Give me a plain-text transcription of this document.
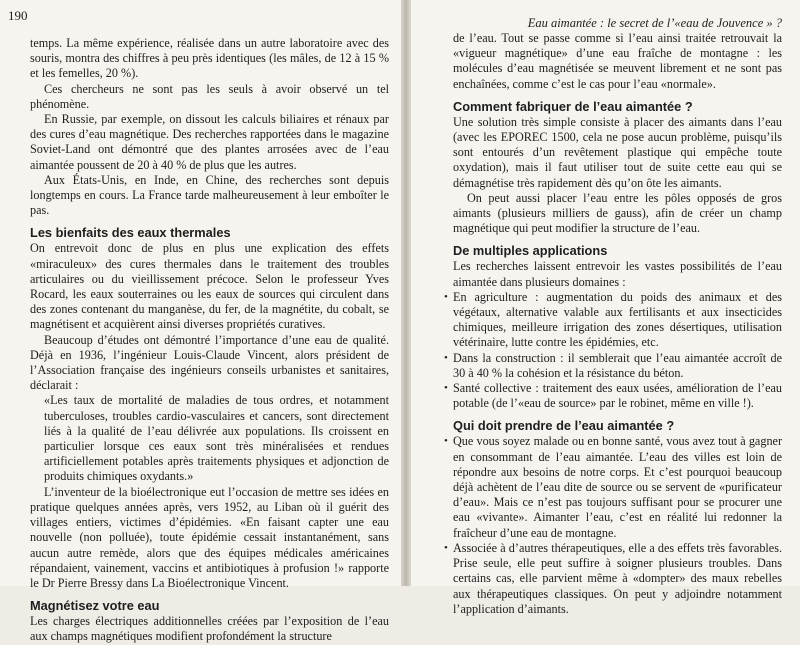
190

temps. La même expérience, réalisée dans un autre laboratoire avec des souris, montra des chiffres à peu près identiques (les mâles, de 12 à 15 % et les femelles, 20 %).

Ces chercheurs ne sont pas les seuls à avoir observé un tel phénomène.

En Russie, par exemple, on dissout les calculs biliaires et rénaux par des cures d’eau magnétique. Des recherches rapportées dans le magazine Soviet-Land ont démontré que des plantes arrosées avec de l’eau aimantée poussent de 20 à 40 % de plus que les autres.

Aux États-Unis, en Inde, en Chine, des recherches sont depuis longtemps en cours. La France tarde malheureusement à leur emboîter le pas.

Les bienfaits des eaux thermales

On entrevoit donc de plus en plus une explication des effets «miraculeux» des cures thermales dans le traitement des troubles articulaires ou du vieillissement précoce. Selon le professeur Yves Rocard, les eaux souterraines ou les eaux de sources qui circulent dans des zones contenant du manganèse, du fer, de la magnétite, du cobalt, se magnétisent et acquièrent ainsi diverses propriétés curatives.

Beaucoup d’études ont démontré l’importance d’une eau de qualité. Déjà en 1936, l’ingénieur Louis-Claude Vincent, alors président de l’Association française des ingénieurs conseils urbanistes et sanitaires, déclarait :

«Les taux de mortalité de maladies de tous ordres, et notamment tuberculoses, troubles cardio-vasculaires et cancers, sont directement liés à la qualité de l’eau délivrée aux populations. Ils croissent en particulier lorsque ces eaux sont très minéralisées et rendues artificiellement potables après traitements physiques et adjonction de produits chimiques oxydants.»

L’inventeur de la bioélectronique eut l’occasion de mettre ses idées en pratique quelques années après, vers 1952, au Liban où il guérit des villages entiers, victimes d’épidémies. «En faisant capter une eau nouvelle (non polluée), toute épidémie cessait instantanément, sans aucun autre remède, alors que des équipes médicales américaines répandaient, vainement, vaccins et antibiotiques à profusion !» rapporte le Dr Pierre Bressy dans La Bioélectronique Vincent.

Magnétisez votre eau

Les charges électriques additionnelles créées par l’exposition de l’eau aux champs magnétiques modifient profondément la structure

Eau aimantée : le secret de l’«eau de Jouvence » ?

de l’eau. Tout se passe comme si l’eau ainsi traitée retrouvait la «vigueur magnétique» d’une eau fraîche de montagne : les molécules d’eau magnétisée se meuvent librement et ne sont pas enchaînées, comme c’est le cas pour l’eau «normale».

Comment fabriquer de l’eau aimantée ?

Une solution très simple consiste à placer des aimants dans l’eau (avec les EPOREC 1500, cela ne pose aucun problème, puisqu’ils sont entourés d’un revêtement plastique qui empêche toute oxydation), mais il faut utiliser tout de suite cette eau qui se démagnétise très rapidement dès qu’on ôte les aimants.

On peut aussi placer l’eau entre les pôles opposés de gros aimants (plusieurs milliers de gauss), afin de créer un champ magnétique qui peut modifier la structure de l’eau.

De multiples applications

Les recherches laissent entrevoir les vastes possibilités de l’eau aimantée dans plusieurs domaines :

• En agriculture : augmentation du poids des animaux et des végétaux, alternative valable aux fertilisants et aux insecticides chimiques, meilleure irrigation des zones désertiques, utilisation vétérinaire, lutte contre les épidémies, etc.
• Dans la construction : il semblerait que l’eau aimantée accroît de 30 à 40 % la cohésion et la résistance du béton.
• Santé collective : traitement des eaux usées, amélioration de l’eau potable (de l’«eau de source» par le robinet, même en ville !).
Qui doit prendre de l’eau aimantée ?
• Que vous soyez malade ou en bonne santé, vous avez tout à gagner en consommant de l’eau aimantée. L’eau des villes est loin de répondre aux besoins de notre corps. Et c’est pourquoi beaucoup déjà achètent de l’eau dite de source ou se servent de «purificateur d’eau». Mais ce n’est pas toujours suffisant pour se procurer une eau «vivante». Aimanter l’eau, c’est en réalité lui redonner la fraîcheur d’une eau de montagne.
• Associée à d’autres thérapeutiques, elle a des effets très favorables. Prise seule, elle peut suffire à soigner plusieurs troubles. Dans certains cas, elle parvient même à «dompter» des maux rebelles aux thérapeutiques classiques. On peut y adjoindre notamment l’application d’aimants.
